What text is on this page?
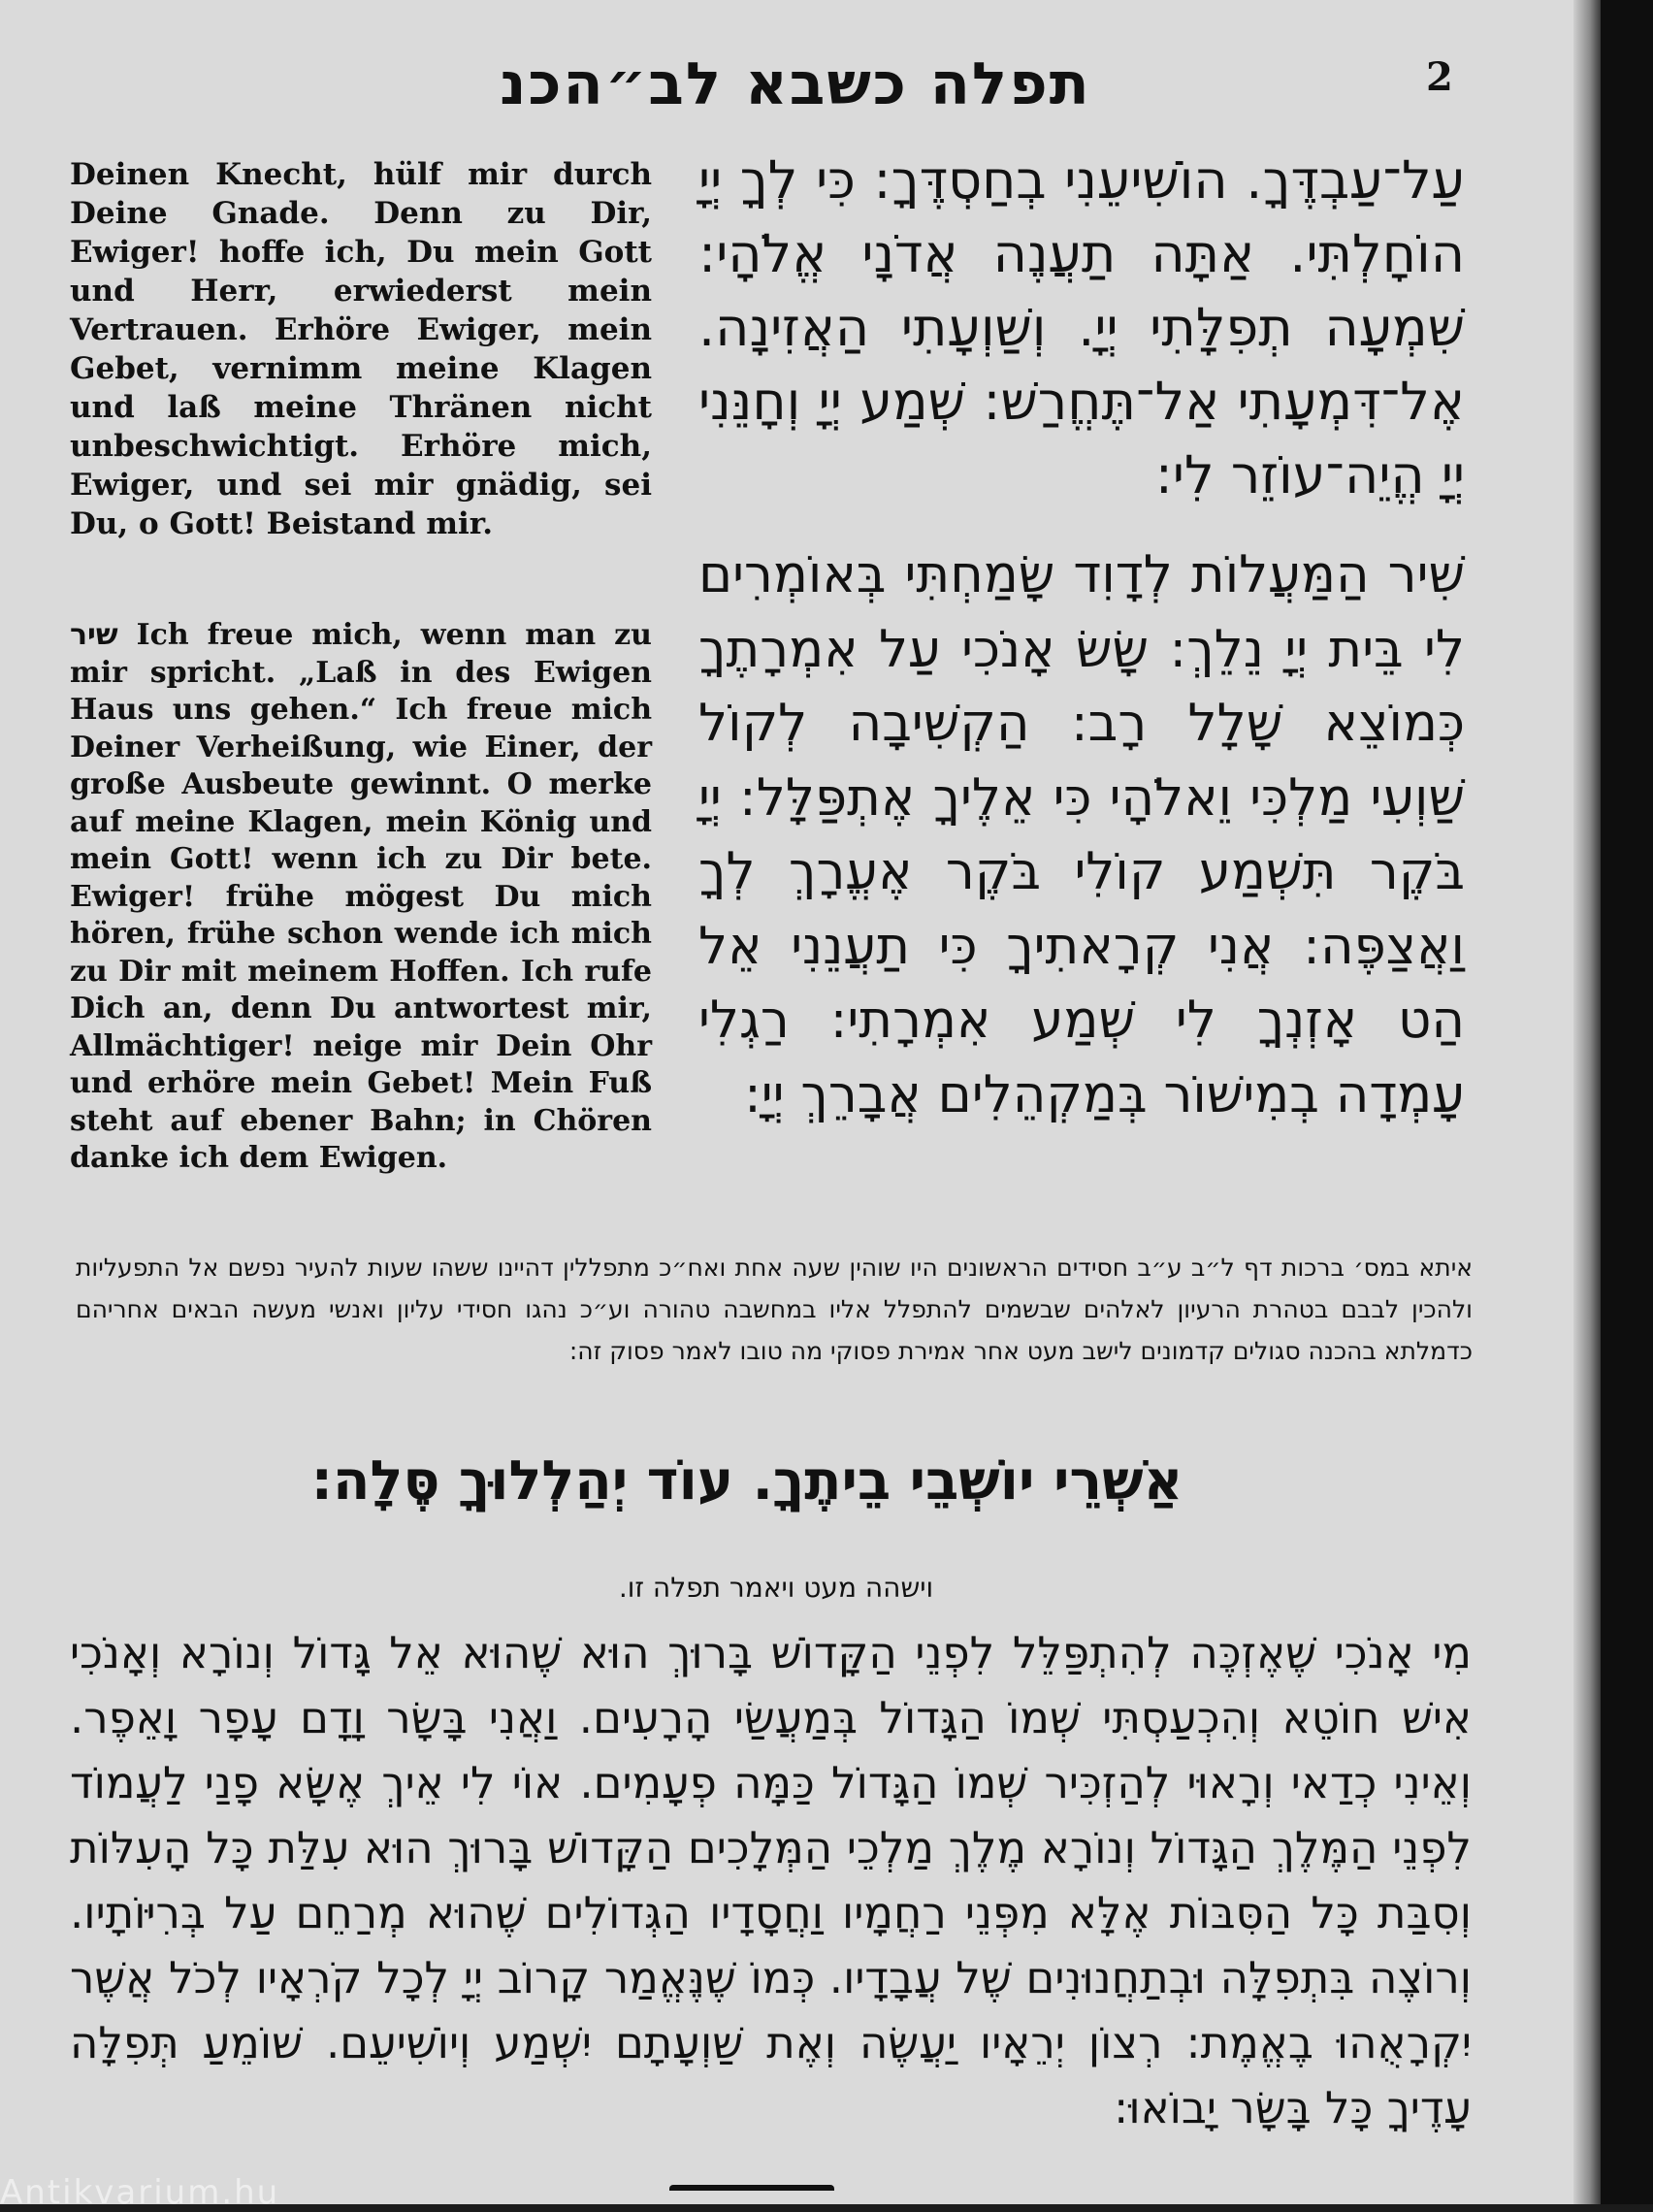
תפלה כשבא לב״הכנ	2
Deinen Knecht, hülf mir durch Deine Gnade. Denn zu Dir, Ewiger! hoffe ich, Du mein Gott und Herr, erwiederst mein Vertrauen. Erhöre Ewiger, mein Gebet, vernimm meine Klagen und laß meine Thränen nicht unbeschwichtigt. Erhöre mich, Ewiger, und sei mir gnädig, sei Du, o Gott! Beistand mir.
שיר Ich freue mich, wenn man zu mir spricht. „Laß in des Ewigen Haus uns gehen.“ Ich freue mich Deiner Verheißung, wie Einer, der große Ausbeute gewinnt. O merke auf meine Klagen, mein König und mein Gott! wenn ich zu Dir bete. Ewiger! frühe mögest Du mich hören, frühe schon wende ich mich zu Dir mit meinem Hoffen. Ich rufe Dich an, denn Du antwortest mir, Allmächtiger! neige mir Dein Ohr und erhöre mein Gebet! Mein Fuß steht auf ebener Bahn; in Chören danke ich dem Ewigen.
עַל־עַבְדֶּךָ. הוֹשִׁיעֵנִי בְחַסְדֶּךָ: כִּי לְךָ יְיָ הוֹחָלְתִּי. אַתָּה תַעֲנֶה אֲדֹנָי אֱלֹהָי: שִׁמְעָה תְפִלָּתִי יְיָ. וְשַׁוְעָתִי הַאֲזִינָה. אֶל־דִּמְעָתִי אַל־תֶּחֱרַשׁ: שְׁמַע יְיָ וְחָנֵּנִי יְיָ הֱיֵה־עוֹזֵר לִי:
שִׁיר הַמַּעֲלוֹת לְדָוִד שָׂמַחְתִּי בְּאוֹמְרִים לִי בֵּית יְיָ נֵלֵךְ: שָׂשׂ אָנֹכִי עַל אִמְרָתֶךָ כְּמוֹצֵא שָׁלָל רָב: הַקְשִׁיבָה לְקוֹל שַׁוְעִי מַלְכִּי וֵאלֹהָי כִּי אֵלֶיךָ אֶתְפַּלָּל: יְיָ בֹּקֶר תִּשְׁמַע קוֹלִי בֹּקֶר אֶעֱרָךְ לְךָ וַאֲצַפֶּה: אֲנִי קְרָאתִיךָ כִּי תַעֲנֵנִי אֵל הַט אָזְנְךָ לִי שְׁמַע אִמְרָתִי: רַגְלִי עָמְדָה בְמִישׁוֹר בְּמַקְהֵלִים אֲבָרֵךְ יְיָ:
איתא במס׳ ברכות דף ל״ב ע״ב חסידים הראשונים היו שוהין שעה אחת ואח״כ מתפללין דהיינו ששהו שעות להעיר נפשם אל התפעליות ולהכין לבבם בטהרת הרעיון לאלהים שבשמים להתפלל אליו במחשבה טהורה וע״כ נהגו חסידי עליון ואנשי מעשה הבאים אחריהם כדמלתא בהכנה סגולים קדמונים לישב מעט אחר אמירת פסוקי מה טובו לאמר פסוק זה:
אַשְׁרֵי יוֹשְׁבֵי בֵיתֶךָ. עוֹד יְהַלְלוּךָ סֶּלָה:
וישהה מעט ויאמר תפלה זו.
מִי אָנֹכִי שֶׁאֶזְכֶּה לְהִתְפַּלֵּל לִפְנֵי הַקָּדוֹשׁ בָּרוּךְ הוּא שֶׁהוּא אֵל גָּדוֹל וְנוֹרָא וְאָנֹכִי אִישׁ חוֹטֵא וְהִכְעַסְתִּי שְׁמוֹ הַגָּדוֹל בְּמַעֲשַׂי הָרָעִים. וַאֲנִי בָּשָׂר וָדָם עָפָר וָאֵפֶר. וְאֵינִי כְדַאי וְרָאוּי לְהַזְכִּיר שְׁמוֹ הַגָּדוֹל כַּמָּה פְעָמִים. אוֹי לִי אֵיךְ אֶשָּׂא פָנַי לַעֲמוֹד לִפְנֵי הַמֶּלֶךְ הַגָּדוֹל וְנוֹרָא מֶלֶךְ מַלְכֵי הַמְּלָכִים הַקָּדוֹשׁ בָּרוּךְ הוּא עִלַּת כָּל הָעִלּוֹת וְסִבַּת כָּל הַסִּבּוֹת אֶלָּא מִפְּנֵי רַחֲמָיו וַחֲסָדָיו הַגְּדוֹלִים שֶׁהוּא מְרַחֵם עַל בְּרִיּוֹתָיו. וְרוֹצֶה בִּתְפִלָּה וּבְתַחֲנוּנִים שֶׁל עֲבָדָיו. כְּמוֹ שֶׁנֶּאֱמַר קָרוֹב יְיָ לְכָל קֹרְאָיו לְכֹל אֲשֶׁר יִקְרָאֻהוּ בֶאֱמֶת: רְצוֹן יְרֵאָיו יַעֲשֶׂה וְאֶת שַׁוְעָתָם יִשְׁמַע וְיוֹשִׁיעֵם. שׁוֹמֵעַ תְּפִלָּה עָדֶיךָ כָּל בָּשָׂר יָבוֹאוּ:
Antikvarium.hu
